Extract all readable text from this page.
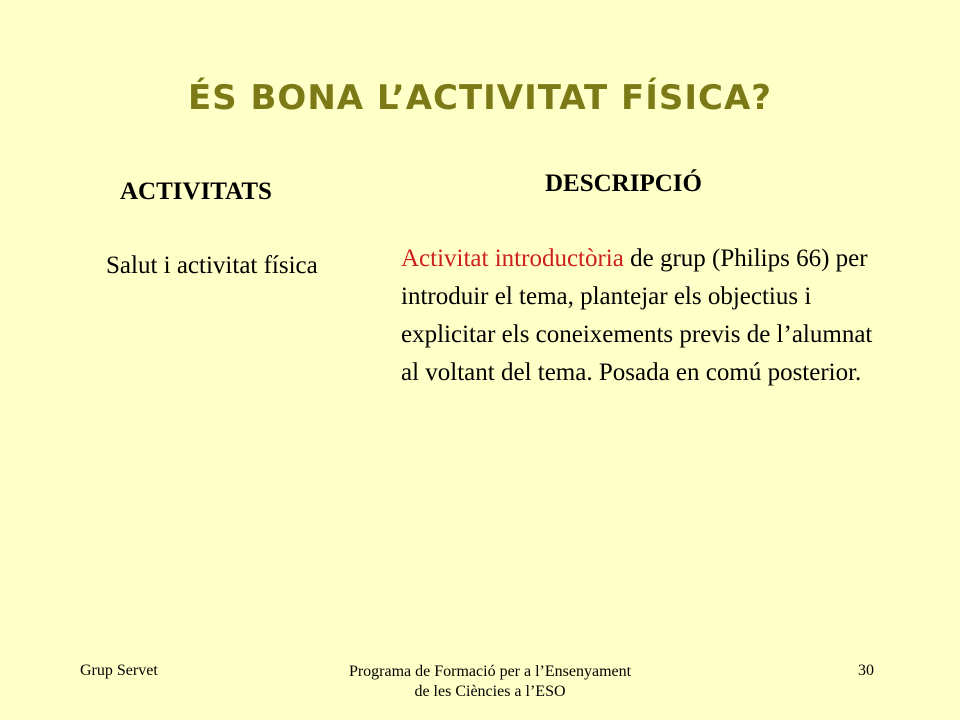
ÉS BONA L’ACTIVITAT FÍSICA?
ACTIVITATS	DESCRIPCIÓ

Salut i activitat física	Activitat introductòria de grup (Philips 66) per introduir el tema, plantejar els objectius i explicitar els coneixements previs de l’alumnat al voltant del tema. Posada en comú posterior.

Grup Servet	Programa de Formació per a l’Ensenyament de les Ciències a l’ESO
30
